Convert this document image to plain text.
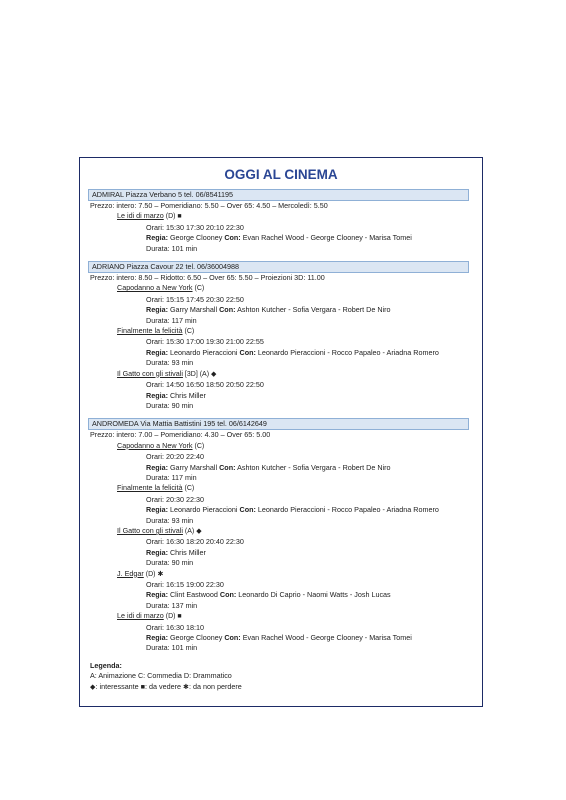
OGGI AL CINEMA
ADMIRAL Piazza Verbano 5 tel. 06/8541195
Prezzo: intero: 7.50 – Pomeridiano: 5.50 – Over 65: 4.50 – Mercoledì: 5.50
Le idi di marzo (D) ■
Orari: 15:30 17:30 20:10 22:30
Regia: George Clooney Con: Evan Rachel Wood - George Clooney - Marisa Tomei
Durata: 101 min
ADRIANO Piazza Cavour 22 tel. 06/36004988
Prezzo: intero: 8.50 – Ridotto: 6.50 – Over 65: 5.50 – Proiezioni 3D: 11.00
Capodanno a New York (C)
Orari: 15:15 17:45 20:30 22:50
Regia: Garry Marshall Con: Ashton Kutcher - Sofia Vergara - Robert De Niro
Durata: 117 min
Finalmente la felicità (C)
Orari: 15:30 17:00 19:30 21:00 22:55
Regia: Leonardo Pieraccioni Con: Leonardo Pieraccioni - Rocco Papaleo - Ariadna Romero
Durata: 93 min
Il Gatto con gli stivali [3D] (A) ◆
Orari: 14:50 16:50 18:50 20:50 22:50
Regia: Chris Miller
Durata: 90 min
ANDROMEDA Via Mattia Battistini 195 tel. 06/6142649
Prezzo: intero: 7.00 – Pomeridiano: 4.30 – Over 65: 5.00
Capodanno a New York (C)
Orari: 20:20 22:40
Regia: Garry Marshall Con: Ashton Kutcher - Sofia Vergara - Robert De Niro
Durata: 117 min
Finalmente la felicità (C)
Orari: 20:30 22:30
Regia: Leonardo Pieraccioni Con: Leonardo Pieraccioni - Rocco Papaleo - Ariadna Romero
Durata: 93 min
Il Gatto con gli stivali (A) ◆
Orari: 16:30 18:20 20:40 22:30
Regia: Chris Miller
Durata: 90 min
J. Edgar (D) ✱
Orari: 16:15 19:00 22:30
Regia: Clint Eastwood Con: Leonardo Di Caprio - Naomi Watts - Josh Lucas
Durata: 137 min
Le idi di marzo (D) ■
Orari: 16:30 18:10
Regia: George Clooney Con: Evan Rachel Wood - George Clooney - Marisa Tomei
Durata: 101 min
Legenda:
A: Animazione C: Commedia D: Drammatico
◆: interessante ■: da vedere ✱: da non perdere
